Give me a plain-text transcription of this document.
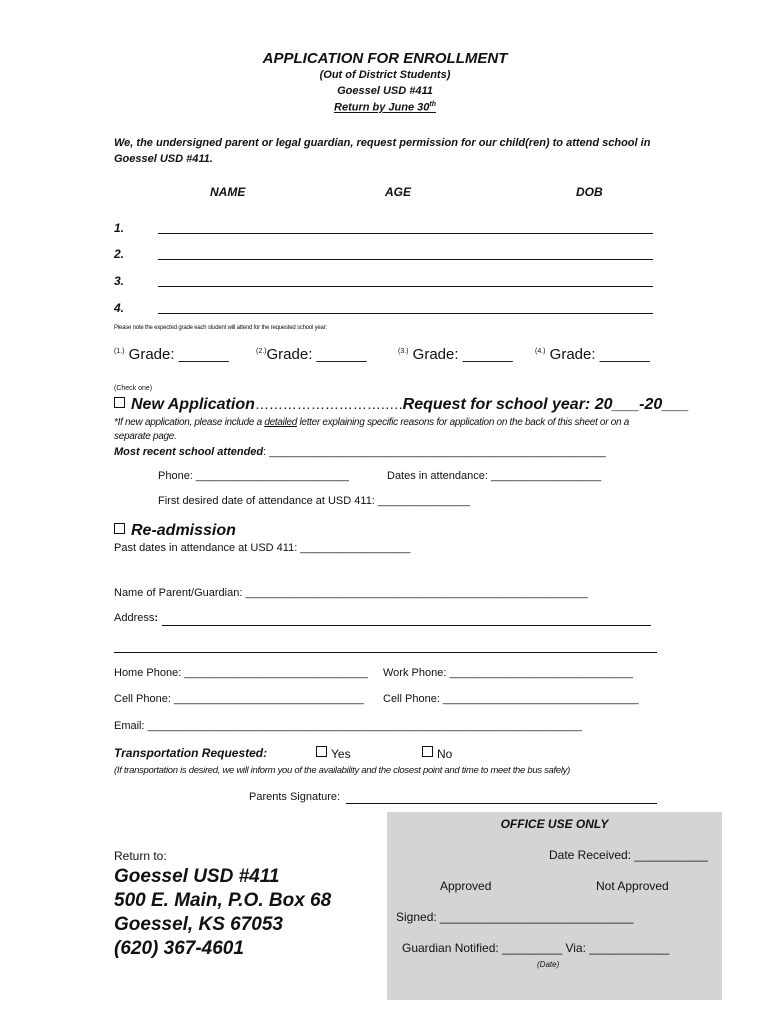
APPLICATION FOR ENROLLMENT
(Out of District Students)
Goessel USD #411
Return by June 30th
We, the undersigned parent or legal guardian, request permission for our child(ren) to attend school in Goessel USD #411.
NAME	AGE	DOB
1.
2.
3.
4.
Please note the expected grade each student will attend for the requested school year:
$^{(1.)}$ Grade: ______	$^{(2.)}$Grade: ______	$^{(3.)}$ Grade: ______	$^{(4.)}$ Grade: ______
(Check one)
New Application……………………….….Request for school year: 20___-20___
*If new application, please include a detailed letter explaining specific reasons for application on the back of this sheet or on a separate page.
Most recent school attended: _______________________________________________________
Phone: _________________________	Dates in attendance: __________________
First desired date of attendance at USD 411: _______________
Re-admission
Past dates in attendance at USD 411: __________________
Name of Parent/Guardian: ________________________________________________________
Address:
Home Phone: ______________________________ Work Phone: ______________________________
Cell Phone: _______________________________ Cell Phone: ________________________________
Email: _______________________________________________________________________
Transportation Requested:	Yes	No
(If transportation is desired, we will inform you of the availability and the closest point and time to meet the bus safely)
Parents Signature:
Return to:
Goessel USD #411
500 E. Main, P.O. Box 68
Goessel, KS 67053
(620) 367-4601
OFFICE USE ONLY
Date Received: ___________
Approved	Not Approved
Signed: _____________________________
Guardian Notified: _________ Via: ____________
(Date)
